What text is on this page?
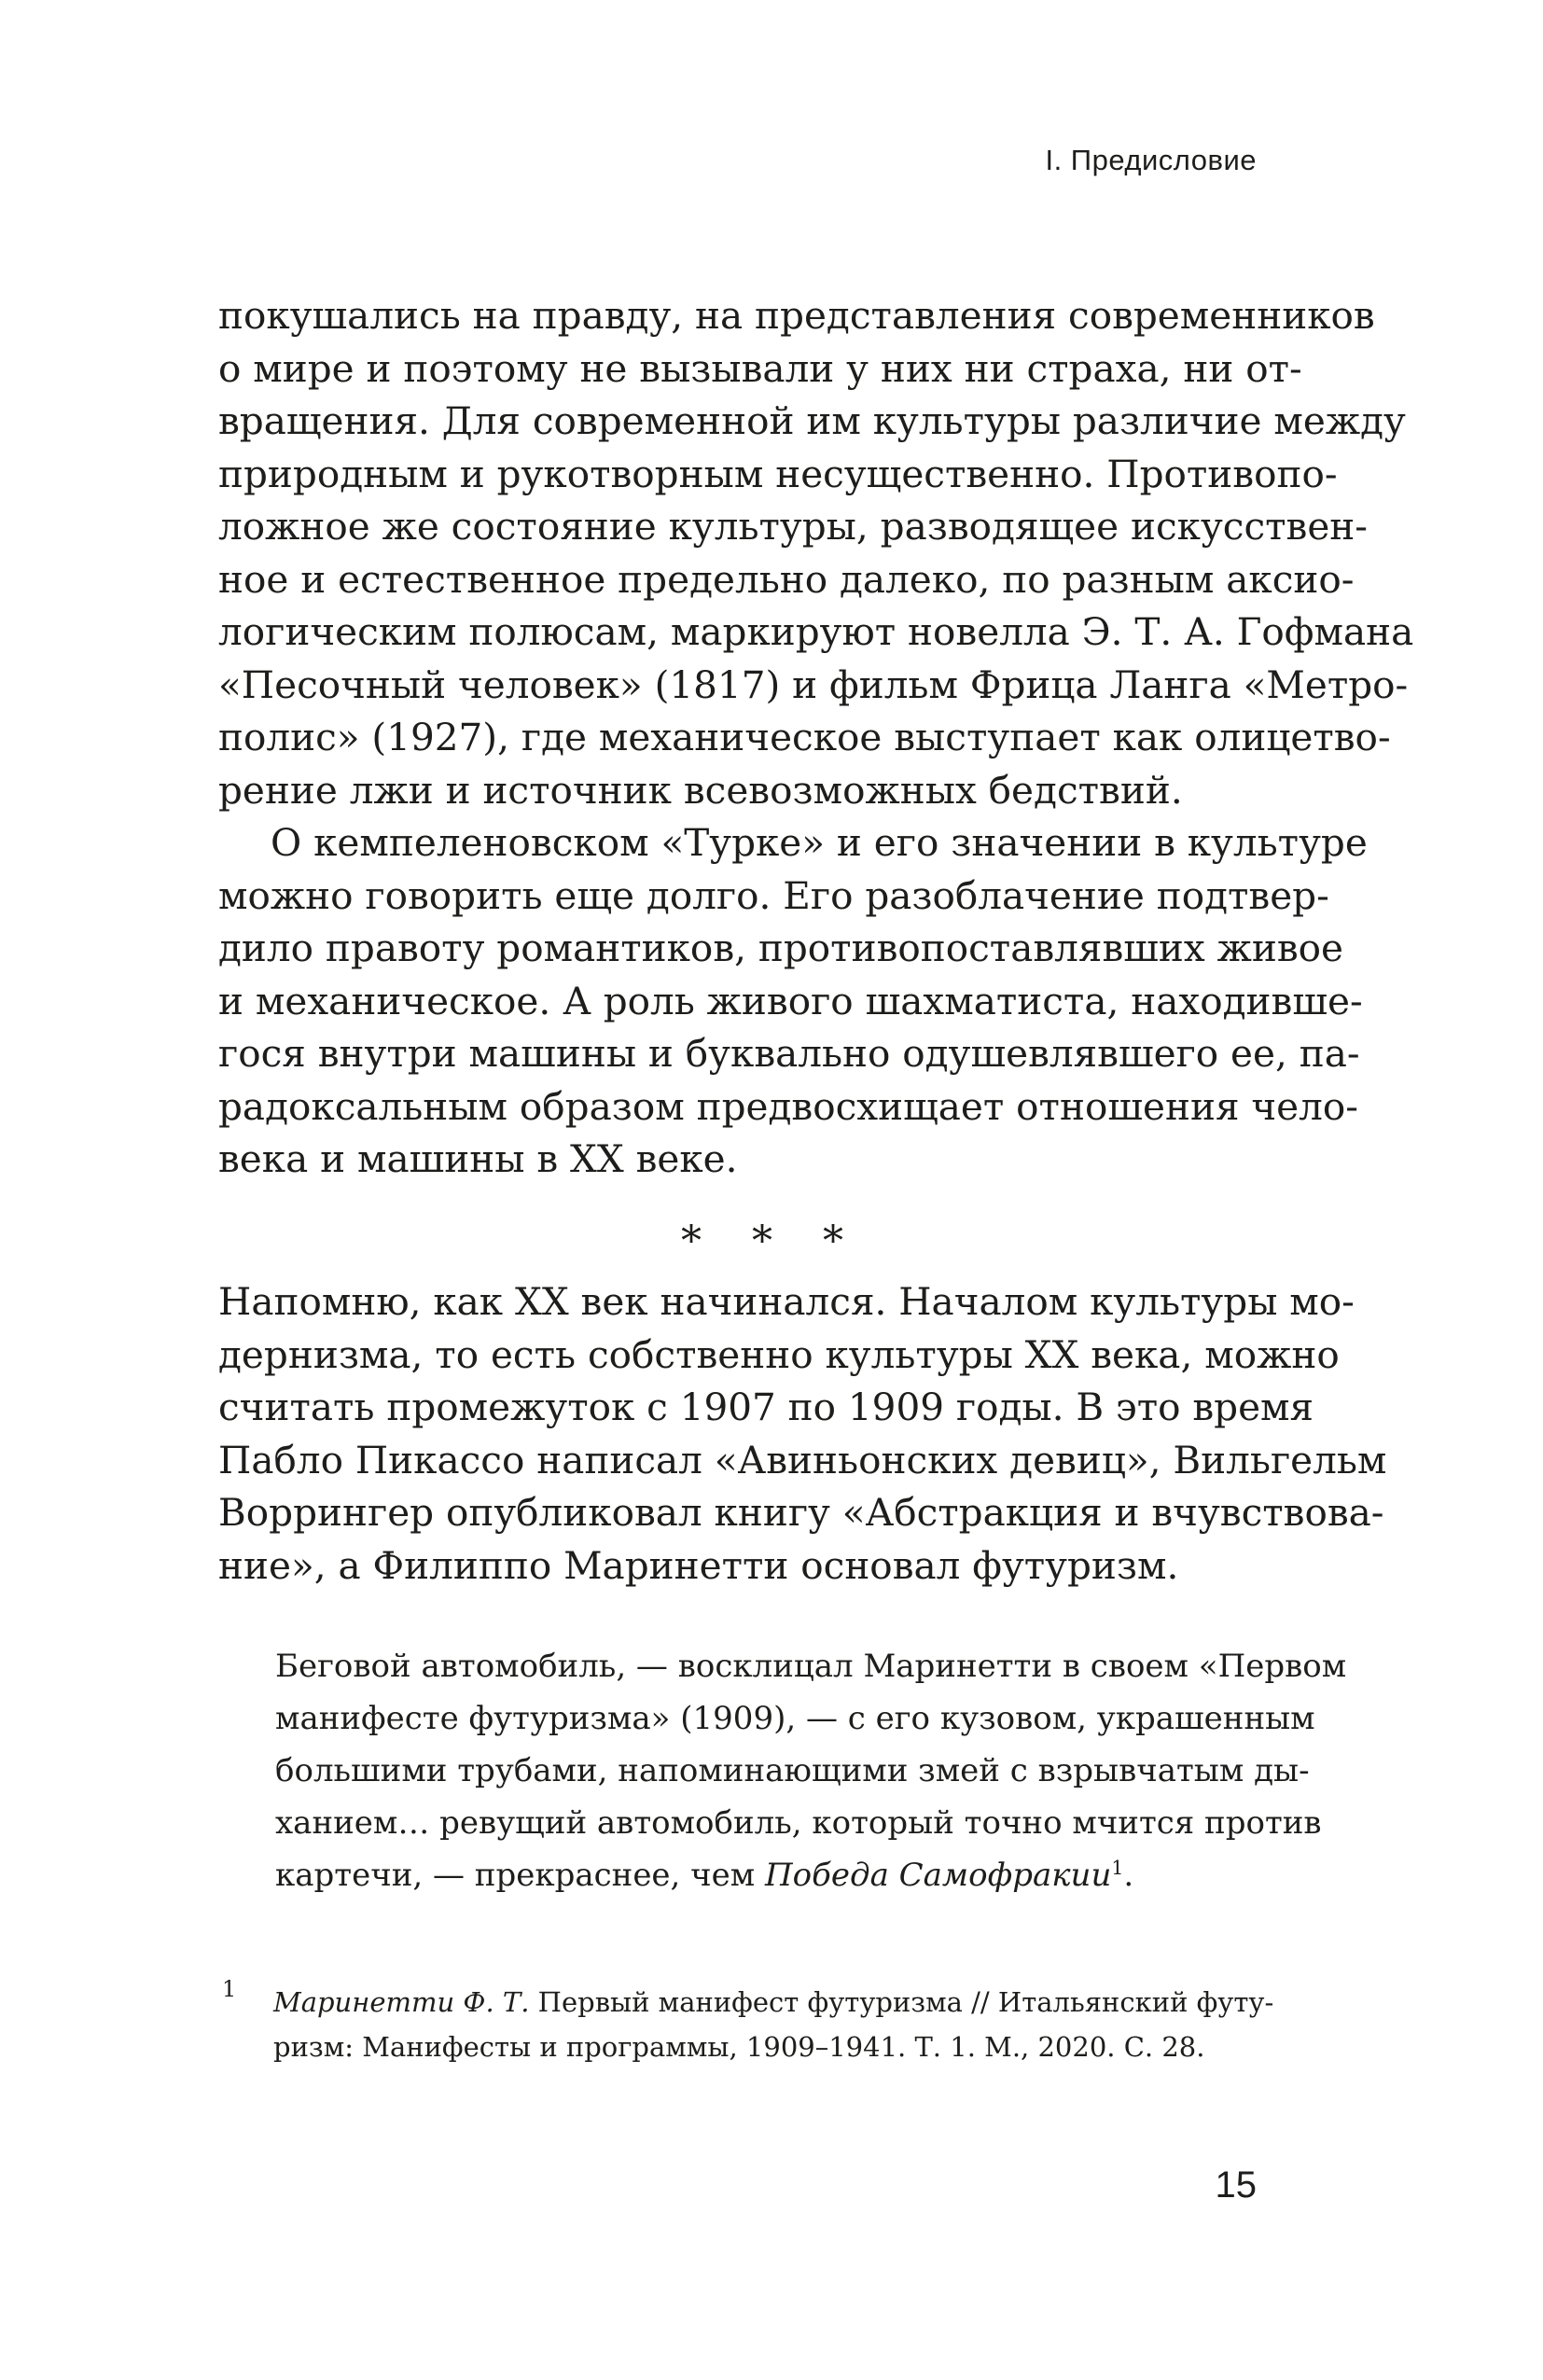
I. Предисловие
покушались на правду, на представления современников
о мире и поэтому не вызывали у них ни страха, ни от-
вращения. Для современной им культуры различие между
природным и рукотворным несущественно. Противопо-
ложное же состояние культуры, разводящее искусствен-
ное и естественное предельно далеко, по разным аксио-
логическим полюсам, маркируют новелла Э. Т. А. Гофмана
«Песочный человек» (1817) и фильм Фрица Ланга «Метро-
полис» (1927), где механическое выступает как олицетво-
рение лжи и источник всевозможных бедствий.
О кемпеленовском «Турке» и его значении в культуре
можно говорить еще долго. Его разоблачение подтвер-
дило правоту романтиков, противопоставлявших живое
и механическое. А роль живого шахматиста, находивше-
гося внутри машины и буквально одушевлявшего ее, па-
радоксальным образом предвосхищает отношения чело-
века и машины в XX веке.
* * *
Напомню, как XX век начинался. Началом культуры мо-
дернизма, то есть собственно культуры XX века, можно
считать промежуток с 1907 по 1909 годы. В это время
Пабло Пикассо написал «Авиньонских девиц», Вильгельм
Воррингер опубликовал книгу «Абстракция и вчувствова-
ние», а Филиппо Маринетти основал футуризм.
Беговой автомобиль, — восклицал Маринетти в своем «Первом
манифесте футуризма» (1909), — с его кузовом, украшенным
большими трубами, напоминающими змей с взрывчатым ды-
ханием… ревущий автомобиль, который точно мчится против
картечи, — прекраснее, чем Победа Самофракии$^1$.
1 Маринетти Ф. Т. Первый манифест футуризма // Итальянский футу-
ризм: Манифесты и программы, 1909–1941. Т. 1. М., 2020. С. 28.
15
